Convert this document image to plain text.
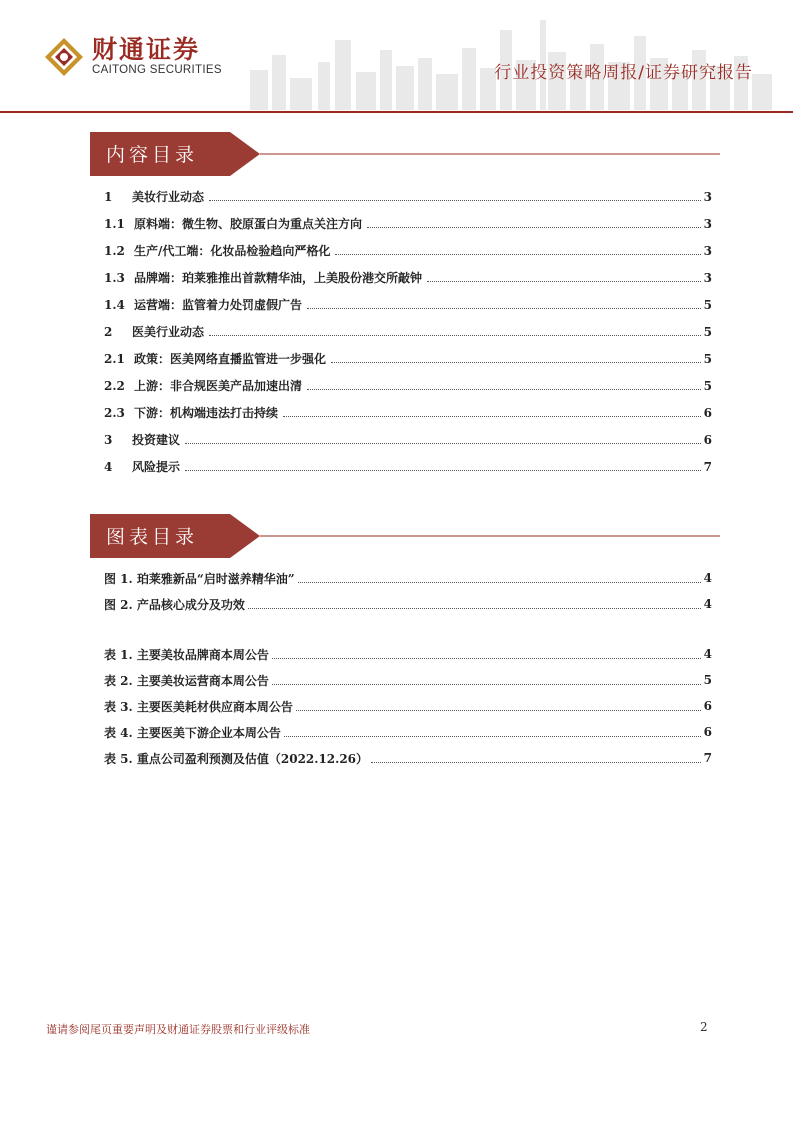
财通证券
CAITONG SECURITIES	行业投资策略周报/证券研究报告
内容目录
1	美妆行业动态	3
1.1 原料端：微生物、胶原蛋白为重点关注方向	3
1.2 生产/代工端：化妆品检验趋向严格化	3
1.3 品牌端：珀莱雅推出首款精华油，上美股份港交所敲钟	3
1.4 运营端：监管着力处罚虚假广告	5
2	医美行业动态	5
2.1 政策：医美网络直播监管进一步强化	5
2.2 上游：非合规医美产品加速出清	5
2.3 下游：机构端违法打击持续	6
3	投资建议	6
4	风险提示	7
图表目录
图 1. 珀莱雅新品“启时滋养精华油”	4
图 2. 产品核心成分及功效	4
表 1. 主要美妆品牌商本周公告	4
表 2. 主要美妆运营商本周公告	5
表 3. 主要医美耗材供应商本周公告	6
表 4. 主要医美下游企业本周公告	6
表 5. 重点公司盈利预测及估值（2022.12.26）	7
谨请参阅尾页重要声明及财通证券股票和行业评级标准	2
